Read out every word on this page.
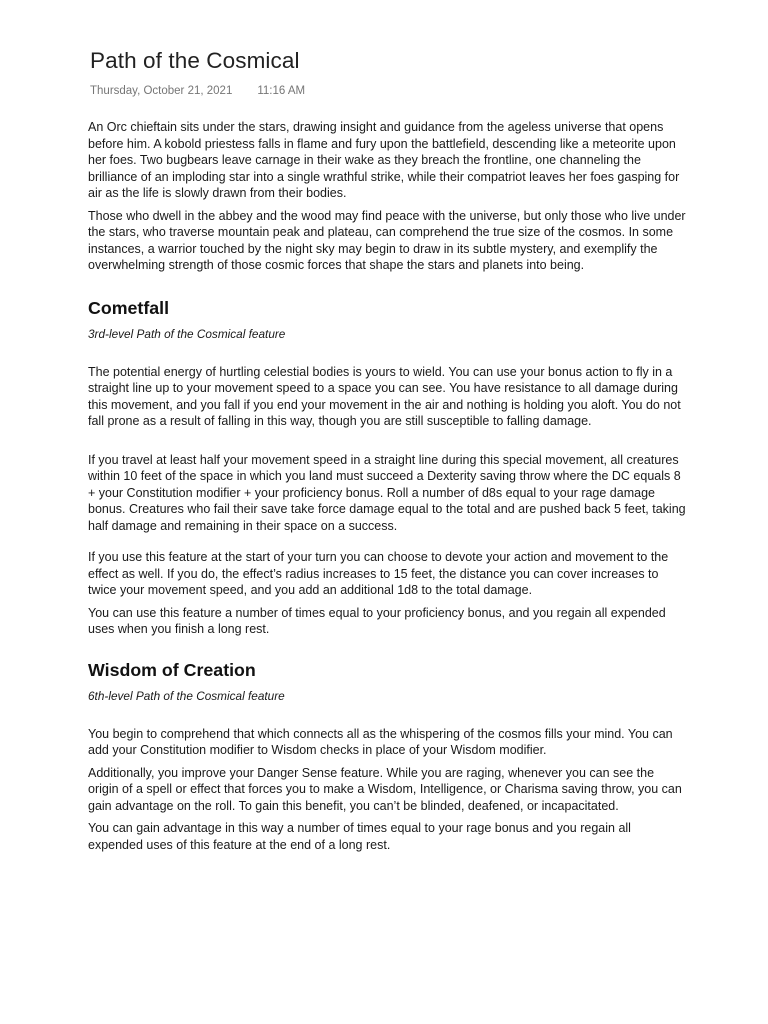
Path of the Cosmical
Thursday, October 21, 2021 11:16 AM

An Orc chieftain sits under the stars, drawing insight and guidance from the ageless universe that opens before him. A kobold priestess falls in flame and fury upon the battlefield, descending like a meteorite upon her foes. Two bugbears leave carnage in their wake as they breach the frontline, one channeling the brilliance of an imploding star into a single wrathful strike, while their compatriot leaves her foes gasping for air as the life is slowly drawn from their bodies.

Those who dwell in the abbey and the wood may find peace with the universe, but only those who live under the stars, who traverse mountain peak and plateau, can comprehend the true size of the cosmos. In some instances, a warrior touched by the night sky may begin to draw in its subtle mystery, and exemplify the overwhelming strength of those cosmic forces that shape the stars and planets into being.

Cometfall

3rd-level Path of the Cosmical feature

The potential energy of hurtling celestial bodies is yours to wield. You can use your bonus action to fly in a straight line up to your movement speed to a space you can see. You have resistance to all damage during this movement, and you fall if you end your movement in the air and nothing is holding you aloft. You do not fall prone as a result of falling in this way, though you are still susceptible to falling damage.

If you travel at least half your movement speed in a straight line during this special movement, all creatures within 10 feet of the space in which you land must succeed a Dexterity saving throw where the DC equals 8 + your Constitution modifier + your proficiency bonus. Roll a number of d8s equal to your rage damage bonus. Creatures who fail their save take force damage equal to the total and are pushed back 5 feet, taking half damage and remaining in their space on a success.

If you use this feature at the start of your turn you can choose to devote your action and movement to the effect as well. If you do, the effect’s radius increases to 15 feet, the distance you can cover increases to twice your movement speed, and you add an additional 1d8 to the total damage.

You can use this feature a number of times equal to your proficiency bonus, and you regain all expended uses when you finish a long rest.

Wisdom of Creation

6th-level Path of the Cosmical feature

You begin to comprehend that which connects all as the whispering of the cosmos fills your mind. You can add your Constitution modifier to Wisdom checks in place of your Wisdom modifier.

Additionally, you improve your Danger Sense feature. While you are raging, whenever you can see the origin of a spell or effect that forces you to make a Wisdom, Intelligence, or Charisma saving throw, you can gain advantage on the roll. To gain this benefit, you can’t be blinded, deafened, or incapacitated.

You can gain advantage in this way a number of times equal to your rage bonus and you regain all expended uses of this feature at the end of a long rest.
